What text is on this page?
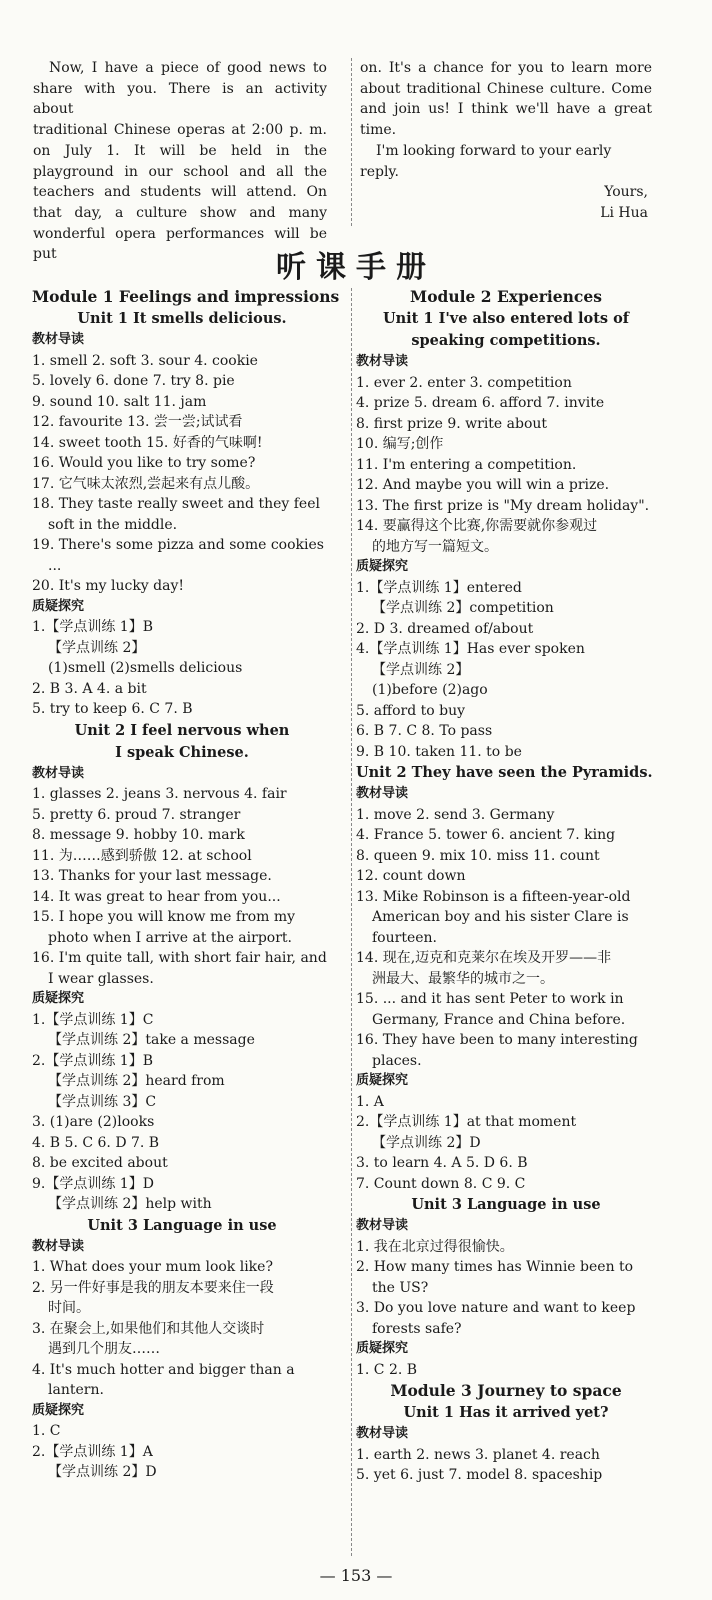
Now, I have a piece of good news to
share with you. There is an activity about
traditional Chinese operas at 2:00 p. m.
on July 1. It will be held in the
playground in our school and all the
teachers and students will attend. On
that day, a culture show and many
wonderful opera performances will be put
on. It's a chance for you to learn more
about traditional Chinese culture. Come
and join us! I think we'll have a great
time.
I'm looking forward to your early
reply.
Yours,
Li Hua
听课手册
Module 1 Feelings and impressions
Unit 1 It smells delicious.
教材导读
1. smell 2. soft 3. sour 4. cookie
5. lovely 6. done 7. try 8. pie
9. sound 10. salt 11. jam
12. favourite 13. 尝一尝;试试看
14. sweet tooth 15. 好香的气味啊!
16. Would you like to try some?
17. 它气味太浓烈,尝起来有点儿酸。
18. They taste really sweet and they feel
soft in the middle.
19. There's some pizza and some cookies
...
20. It's my lucky day!
质疑探究
1.【学点训练 1】B
【学点训练 2】
(1)smell (2)smells delicious
2. B 3. A 4. a bit
5. try to keep 6. C 7. B
Unit 2 I feel nervous when
I speak Chinese.
教材导读
1. glasses 2. jeans 3. nervous 4. fair
5. pretty 6. proud 7. stranger
8. message 9. hobby 10. mark
11. 为……感到骄傲 12. at school
13. Thanks for your last message.
14. It was great to hear from you...
15. I hope you will know me from my
photo when I arrive at the airport.
16. I'm quite tall, with short fair hair, and
I wear glasses.
质疑探究
1.【学点训练 1】C
【学点训练 2】take a message
2.【学点训练 1】B
【学点训练 2】heard from
【学点训练 3】C
3. (1)are (2)looks
4. B 5. C 6. D 7. B
8. be excited about
9.【学点训练 1】D
【学点训练 2】help with
Unit 3 Language in use
教材导读
1. What does your mum look like?
2. 另一件好事是我的朋友本要来住一段
时间。
3. 在聚会上,如果他们和其他人交谈时
遇到几个朋友……
4. It's much hotter and bigger than a
lantern.
质疑探究
1. C
2.【学点训练 1】A
【学点训练 2】D
Module 2 Experiences
Unit 1 I've also entered lots of
speaking competitions.
教材导读
1. ever 2. enter 3. competition
4. prize 5. dream 6. afford 7. invite
8. first prize 9. write about
10. 编写;创作
11. I'm entering a competition.
12. And maybe you will win a prize.
13. The first prize is "My dream holiday".
14. 要赢得这个比赛,你需要就你参观过
的地方写一篇短文。
质疑探究
1.【学点训练 1】entered
【学点训练 2】competition
2. D 3. dreamed of/about
4.【学点训练 1】Has ever spoken
【学点训练 2】
(1)before (2)ago
5. afford to buy
6. B 7. C 8. To pass
9. B 10. taken 11. to be
Unit 2 They have seen the Pyramids.
教材导读
1. move 2. send 3. Germany
4. France 5. tower 6. ancient 7. king
8. queen 9. mix 10. miss 11. count
12. count down
13. Mike Robinson is a fifteen-year-old
American boy and his sister Clare is
fourteen.
14. 现在,迈克和克莱尔在埃及开罗——非
洲最大、最繁华的城市之一。
15. ... and it has sent Peter to work in
Germany, France and China before.
16. They have been to many interesting
places.
质疑探究
1. A
2.【学点训练 1】at that moment
【学点训练 2】D
3. to learn 4. A 5. D 6. B
7. Count down 8. C 9. C
Unit 3 Language in use
教材导读
1. 我在北京过得很愉快。
2. How many times has Winnie been to
the US?
3. Do you love nature and want to keep
forests safe?
质疑探究
1. C 2. B
Module 3 Journey to space
Unit 1 Has it arrived yet?
教材导读
1. earth 2. news 3. planet 4. reach
5. yet 6. just 7. model 8. spaceship
— 153 —
